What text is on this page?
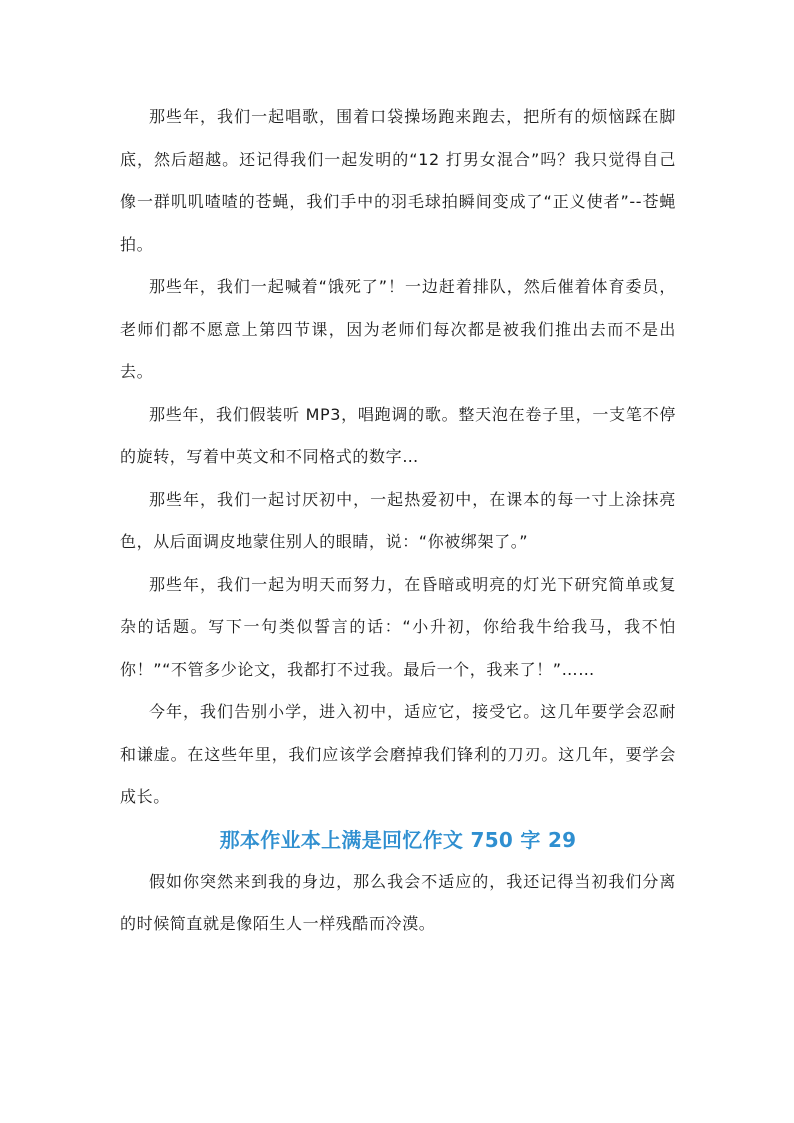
那些年，我们一起唱歌，围着口袋操场跑来跑去，把所有的烦恼踩在脚底，然后超越。还记得我们一起发明的“12 打男女混合”吗？我只觉得自己像一群叽叽喳喳的苍蝇，我们手中的羽毛球拍瞬间变成了“正义使者”--苍蝇拍。

那些年，我们一起喊着“饿死了”！一边赶着排队，然后催着体育委员，老师们都不愿意上第四节课，因为老师们每次都是被我们推出去而不是出去。

那些年，我们假装听 MP3，唱跑调的歌。整天泡在卷子里，一支笔不停的旋转，写着中英文和不同格式的数字…

那些年，我们一起讨厌初中，一起热爱初中，在课本的每一寸上涂抹亮色，从后面调皮地蒙住别人的眼睛，说：“你被绑架了。”

那些年，我们一起为明天而努力，在昏暗或明亮的灯光下研究简单或复杂的话题。写下一句类似誓言的话：“小升初，你给我牛给我马，我不怕你！”“不管多少论文，我都打不过我。最后一个，我来了！”……

今年，我们告别小学，进入初中，适应它，接受它。这几年要学会忍耐和谦虚。在这些年里，我们应该学会磨掉我们锋利的刀刃。这几年，要学会成长。

那本作业本上满是回忆作文 750 字 29

假如你突然来到我的身边，那么我会不适应的，我还记得当初我们分离的时候简直就是像陌生人一样残酷而冷漠。
